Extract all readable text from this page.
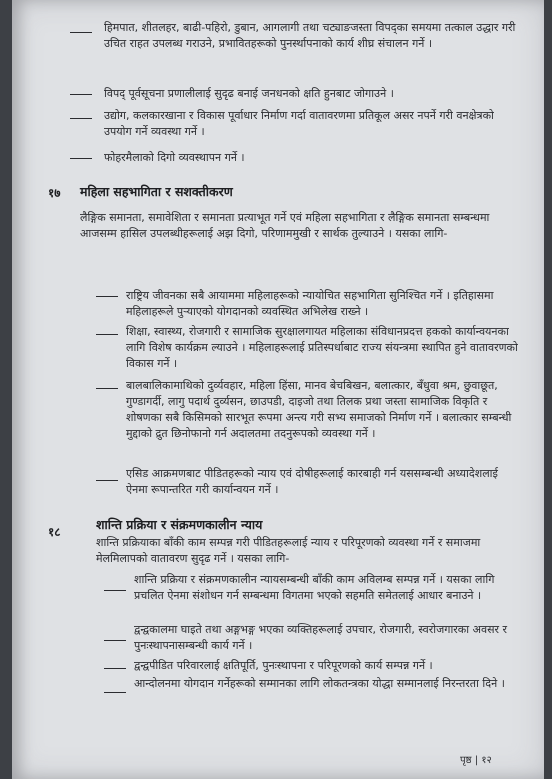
हिमपात, शीतलहर, बाढी-पहिरो, डुबान, आगलागी तथा चट्याङजस्ता विपद्का समयमा तत्काल उद्धार गरी उचित राहत उपलब्ध गराउने, प्रभावितहरूको पुनर्स्थापनाको कार्य शीघ्र संचालन गर्ने ।
विपद् पूर्वसूचना प्रणालीलाई सुदृढ बनाई जनधनको क्षति हुनबाट जोगाउने ।
उद्योग, कलकारखाना र विकास पूर्वाधार निर्माण गर्दा वातावरणमा प्रतिकूल असर नपर्ने गरी वनक्षेत्रको उपयोग गर्ने व्यवस्था गर्ने ।
फोहरमैलाको दिगो व्यवस्थापन गर्ने ।
१७ महिला सहभागिता र सशक्तीकरण
लैङ्गिक समानता, समावेशिता र समानता प्रत्याभूत गर्ने एवं महिला सहभागिता र लैङ्गिक समानता सम्बन्धमा आजसम्म हासिल उपलब्धीहरूलाई अझ दिगो, परिणाममुखी र सार्थक तुल्याउने । यसका लागि-
राष्ट्रिय जीवनका सबै आयाममा महिलाहरूको न्यायोचित सहभागिता सुनिश्चित गर्ने । इतिहासमा महिलाहरूले पुऱ्याएको योगदानको व्यवस्थित अभिलेख राख्ने ।
शिक्षा, स्वास्थ्य, रोजगारी र सामाजिक सुरक्षालगायत महिलाका संविधानप्रदत्त हकको कार्यान्वयनका लागि विशेष कार्यक्रम ल्याउने । महिलाहरूलाई प्रतिस्पर्धाबाट राज्य संयन्त्रमा स्थापित हुने वातावरणको विकास गर्ने ।
बालबालिकामाथिको दुर्व्यवहार, महिला हिंसा, मानव बेचबिखन, बलात्कार, बँधुवा श्रम, छुवाछूत, गुण्डागर्दी, लागु पदार्थ दुर्व्यसन, छाउपडी, दाइजो तथा तिलक प्रथा जस्ता सामाजिक विकृति र शोषणका सबै किसिमको सारभूत रूपमा अन्त्य गरी सभ्य समाजको निर्माण गर्ने । बलात्कार सम्बन्धी मुद्दाको द्रुत छिनोफानो गर्न अदालतमा तदनुरूपको व्यवस्था गर्ने ।
एसिड आक्रमणबाट पीडितहरूको न्याय एवं दोषीहरूलाई कारबाही गर्न यससम्बन्धी अध्यादेशलाई ऐनमा रूपान्तरित गरी कार्यान्वयन गर्ने ।
१८	शान्ति प्रक्रिया र संक्रमणकालीन न्याय
शान्ति प्रक्रियाका बाँकी काम सम्पन्न गरी पीडितहरूलाई न्याय र परिपूरणको व्यवस्था गर्ने र समाजमा मेलमिलापको वातावरण सुदृढ गर्ने । यसका लागि-
शान्ति प्रक्रिया र संक्रमणकालीन न्यायसम्बन्धी बाँकी काम अविलम्ब सम्पन्न गर्ने । यसका लागि प्रचलित ऐनमा संशोधन गर्न सम्बन्धमा विगतमा भएको सहमति समेतलाई आधार बनाउने ।
द्वन्द्वकालमा घाइते तथा अङ्गभङ्ग भएका व्यक्तिहरूलाई उपचार, रोजगारी, स्वरोजगारका अवसर र पुनःस्थापनासम्बन्धी कार्य गर्ने ।
द्वन्द्वपीडित परिवारलाई क्षतिपूर्ति, पुनःस्थापना र परिपूरणको कार्य सम्पन्न गर्ने ।
आन्दोलनमा योगदान गर्नेहरूको सम्मानका लागि लोकतन्त्रका योद्धा सम्मानलाई निरन्तरता दिने ।
पृष्ठ | १२
